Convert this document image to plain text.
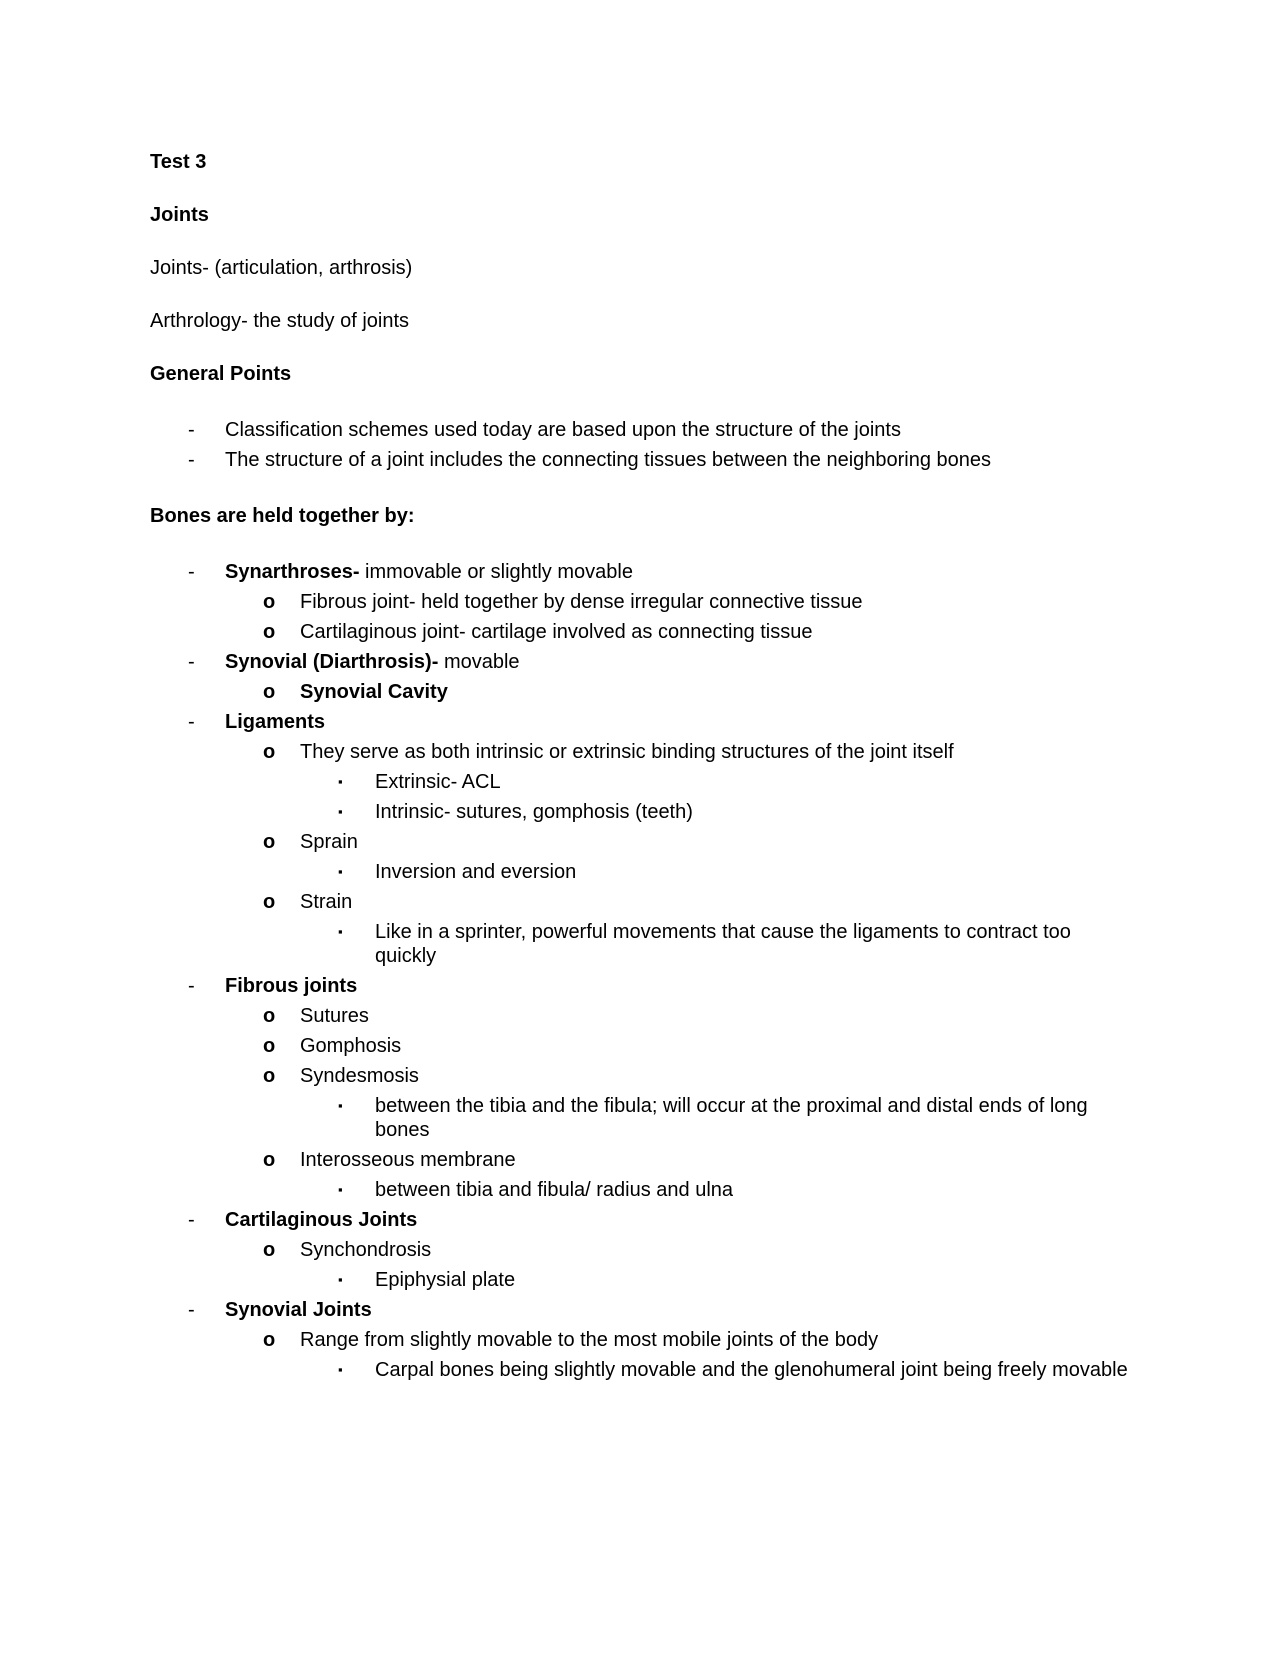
Test 3

Joints

Joints- (articulation, arthrosis)

Arthrology- the study of joints

General Points

- Classification schemes used today are based upon the structure of the joints
- The structure of a joint includes the connecting tissues between the neighboring bones

Bones are held together by:

- Synarthroses- immovable or slightly movable
o Fibrous joint- held together by dense irregular connective tissue
o Cartilaginous joint- cartilage involved as connecting tissue
- Synovial (Diarthrosis)- movable
o Synovial Cavity
- Ligaments
o They serve as both intrinsic or extrinsic binding structures of the joint itself
▪ Extrinsic- ACL
▪ Intrinsic- sutures, gomphosis (teeth)
o Sprain
▪ Inversion and eversion
o Strain
▪ Like in a sprinter, powerful movements that cause the ligaments to contract too quickly
- Fibrous joints
o Sutures
o Gomphosis
o Syndesmosis
▪ between the tibia and the fibula; will occur at the proximal and distal ends of long bones
o Interosseous membrane
▪ between tibia and fibula/ radius and ulna
- Cartilaginous Joints
o Synchondrosis
▪ Epiphysial plate
- Synovial Joints
o Range from slightly movable to the most mobile joints of the body
▪ Carpal bones being slightly movable and the glenohumeral joint being freely movable
